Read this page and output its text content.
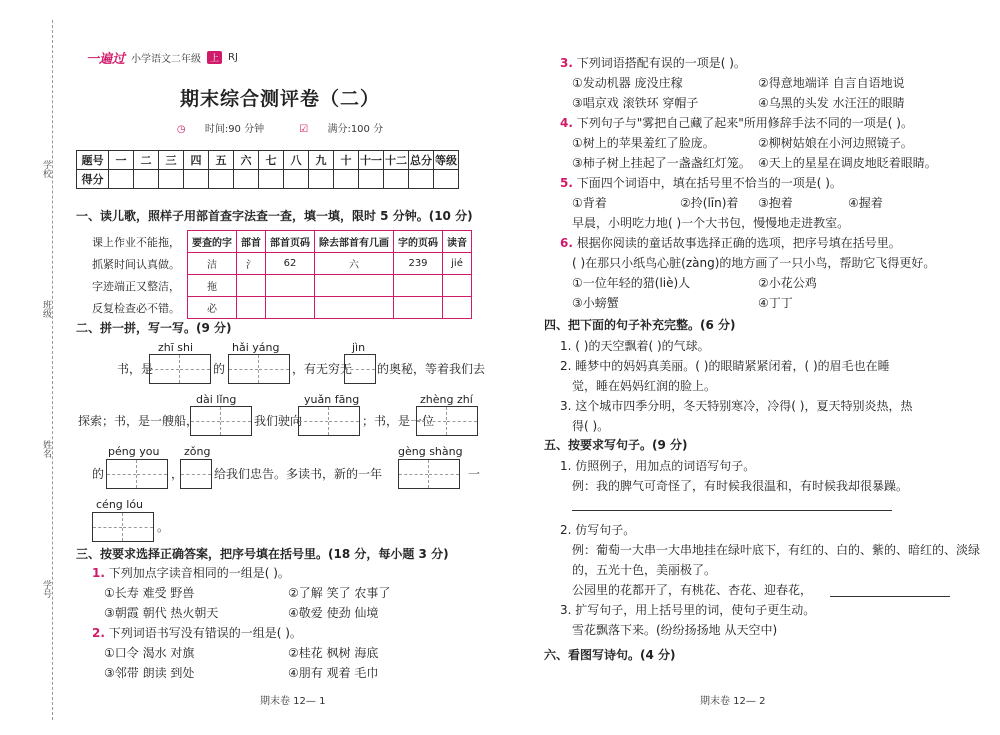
学校
班级
姓名
学号
一遍过 小学语文二年级	上 RJ
期末综合测评卷（二）
◷ 时间:90 分钟	☑ 满分:100 分
题号	一	二	三	四	五	六	七	八	九	十	十一	十二	总分	等级
得分														
一、读儿歌，照样子用部首查字法查一查，填一填，限时 5 分钟。(10 分)
课上作业不能拖，
抓紧时间认真做。
字迹端正又整洁，
反复检查必不错。
要查的字	部首	部首页码	除去部首有几画	字的页码	读音
洁	氵	62	六	239	jié
拖					
必					
二、拼一拼，写一写。(9 分)
zhī shi	hǎi yáng	jìn
书，是	的	，有无穷无 的奥秘，等着我们去
dài lǐng	yuǎn fāng	zhèng zhí
探索；书，是一艘船，	我们驶向	；书，是一位
péng you zǒng	gèng shàng
的	，	给我们忠告。多读书，新的一年	一
céng lóu
。
三、按要求选择正确答案，把序号填在括号里。(18 分，每小题 3 分)
1. 下列加点字读音相同的一组是( )。
①长寿 难受 野兽	②了解 笑了 农事了
③朝霞 朝代 热火朝天	④敬爱 使劲 仙境
2. 下列词语书写没有错误的一组是( )。
①口令 渴水 对旗	②桂花 枫树 海底
③邻带 朗读 到处	④朋有 观着 毛巾
期末卷 12— 1
3. 下列词语搭配有误的一项是( )。
①发动机器 庞没庄稼	②得意地端详 自言自语地说
③唱京戏 滚铁环 穿帽子	④乌黑的头发 水汪汪的眼睛
4. 下列句子与"雾把自己藏了起来"所用修辞手法不同的一项是( )。
①树上的苹果羞红了脸庞。	②柳树姑娘在小河边照镜子。
③柿子树上挂起了一盏盏红灯笼。 ④天上的星星在调皮地眨着眼睛。
5. 下面四个词语中，填在括号里不恰当的一项是( )。
①背着	②拎(līn)着 ③抱着	④握着
早晨，小明吃力地( )一个大书包，慢慢地走进教室。
6. 根据你阅读的童话故事选择正确的选项，把序号填在括号里。
( )在那只小纸鸟心脏(zàng)的地方画了一只小鸟，帮助它飞得更好。
①一位年轻的猎(liè)人	②小花公鸡
③小螃蟹	④丁丁
四、把下面的句子补充完整。(6 分)
1. ( )的天空飘着( )的气球。
2. 睡梦中的妈妈真美丽。( )的眼睛紧紧闭着，( )的眉毛也在睡
觉，睡在妈妈红润的脸上。
3. 这个城市四季分明，冬天特别寒冷，冷得( )，夏天特别炎热，热
得( )。
五、按要求写句子。(9 分)
1. 仿照例子，用加点的词语写句子。
例：我的脾气可奇怪了，有时候我很温和，有时候我却很暴躁。
2. 仿写句子。
例：葡萄一大串一大串地挂在绿叶底下，有红的、白的、紫的、暗红的、淡绿
的，五光十色，美丽极了。
公园里的花都开了，有桃花、杏花、迎春花，
3. 扩写句子，用上括号里的词，使句子更生动。
雪花飘落下来。(纷纷扬扬地 从天空中)
六、看图写诗句。(4 分)
期末卷 12— 2
